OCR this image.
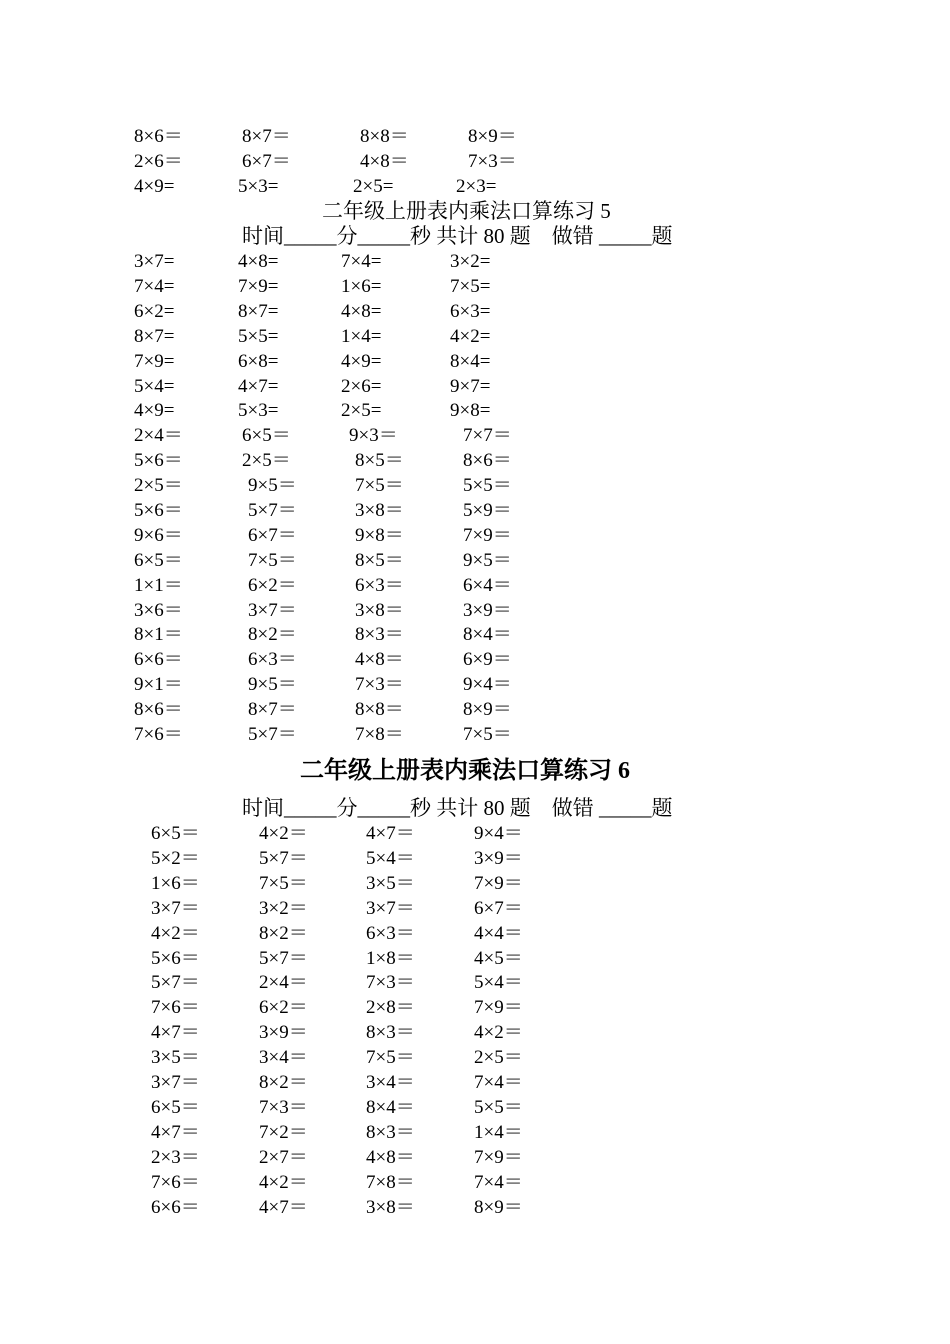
8×6＝	8×7＝	8×8＝	8×9＝
2×6＝	6×7＝	4×8＝	7×3＝
4×9=	5×3=	2×5=	2×3=
二年级上册表内乘法口算练习 5
时间_____分_____秒 共计 80 题　做错 _____题
3×7=	4×8=	7×4=	3×2=
7×4=	7×9=	1×6=	7×5=
6×2=	8×7=	4×8=	6×3=
8×7=	5×5=	1×4=	4×2=
7×9=	6×8=	4×9=	8×4=
5×4=	4×7=	2×6=	9×7=
4×9=	5×3=	2×5=	9×8=
2×4＝	6×5＝	9×3＝	7×7＝
5×6＝	2×5＝	8×5＝	8×6＝
2×5＝	9×5＝	7×5＝	5×5＝
5×6＝	5×7＝	3×8＝	5×9＝
9×6＝	6×7＝	9×8＝	7×9＝
6×5＝	7×5＝	8×5＝	9×5＝
1×1＝	6×2＝	6×3＝	6×4＝
3×6＝	3×7＝	3×8＝	3×9＝
8×1＝	8×2＝	8×3＝	8×4＝
6×6＝	6×3＝	4×8＝	6×9＝
9×1＝	9×5＝	7×3＝	9×4＝
8×6＝	8×7＝	8×8＝	8×9＝
7×6＝	5×7＝	7×8＝	7×5＝
二年级上册表内乘法口算练习 6
时间_____分_____秒 共计 80 题　做错 _____题
6×5＝	4×2＝	4×7＝	9×4＝
5×2＝	5×7＝	5×4＝	3×9＝
1×6＝	7×5＝	3×5＝	7×9＝
3×7＝	3×2＝	3×7＝	6×7＝
4×2＝	8×2＝	6×3＝	4×4＝
5×6＝	5×7＝	1×8＝	4×5＝
5×7＝	2×4＝	7×3＝	5×4＝
7×6＝	6×2＝	2×8＝	7×9＝
4×7＝	3×9＝	8×3＝	4×2＝
3×5＝	3×4＝	7×5＝	2×5＝
3×7＝	8×2＝	3×4＝	7×4＝
6×5＝	7×3＝	8×4＝	5×5＝
4×7＝	7×2＝	8×3＝	1×4＝
2×3＝	2×7＝	4×8＝	7×9＝
7×6＝	4×2＝	7×8＝	7×4＝
6×6＝	4×7＝	3×8＝	8×9＝
